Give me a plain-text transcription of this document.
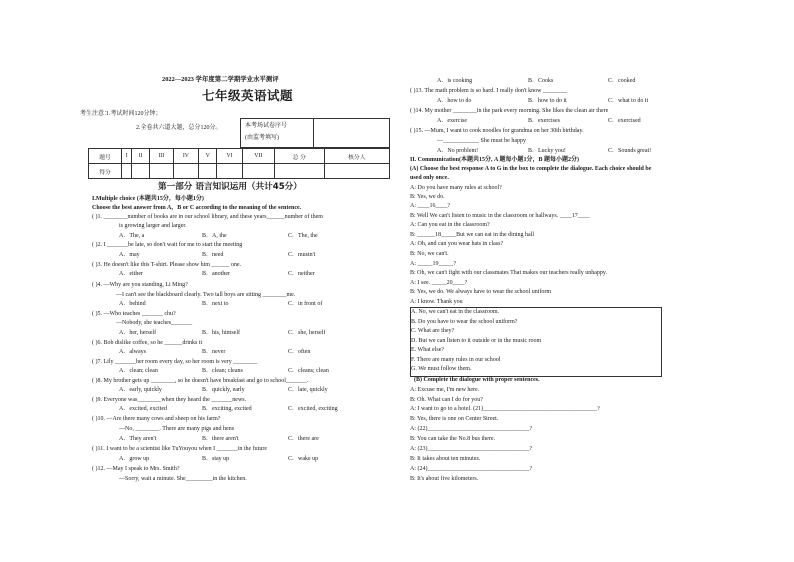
2022—2023 学年度第二学期学业水平测评
七年级英语试题
考生注意：
1.考试时间120分钟；
2.全卷共六道大题，总分120分。	本考场试卷序号
(由监考填写)
题号	I	II	III	IV	V	VI	VII	总 分	核分人
得分									
第一部分 语言知识运用（共计45分）
I.Multiple choice (本题共15分，每小题1分)
Choose the best answer from A，B or C according to the meaning of the sentence.
( )1. ________number of books are in our school library, and these years______number of them
is growing larger and larger.
A．The, a	B．A, the	C．The, the
( )2. I _______be late, so don't wait for me to start the meeting
A．may	B．need	C．mustn't
( )3. He doesn't like this T-shirt. Please show him ______ one.
A．either	B．another	C．neither
( )4. —Why are you standing, Li Ming?
—I can't see the blackboard clearly. Two tall boys are sitting ________me.
A．behind	B．next to	C．in front of
( )5. —Who teaches _______ chu?
—Nobody, she teaches_______
A．her, herself	B．his, himself	C．she, herself
( )6. Bob dislike coffee, so he ______drinks it
A．always	B．never	C．often
( )7. Lily _______her room every day, so her room is very ________
A．clean; clean	B．clean; cleans	C．cleans; clean
( )8. My brother gets up ________, so he doesn't have breakfast and go to school_______.
A．early, quickly	B．quickly, early	C．late, quickly
( )9. Everyone was________when they heard the _______news.
A．excited, excited	B．exciting, excited	C．excited, exciting
( )10. —Are there many cows and sheep on his farm?
—No, ________. There are many pigs and hens
A．They aren't	B．there aren't	C．there are
( )11. I want to be a scientist like TuYouyou when I _______in the future
A．grow up	B．stay up	C．wake up
( )12. —May I speak to Mrs. Smith?
—Sorry, wait a minute. She_________in the kitchen.
A．is cooking	B．Cooks	C．cooked
( )13. The math problem is so hard. I really don't know ________
A．how to do	B．how to do it	C．what to do it
( )14. My mother ________in the park every morning. She likes the clean air there
A．exercise	B．exercises	C．exercised
( )15. —Mum, I want to cook noodles for grandma on her 30th birthday.
—____________ She must be happy
A．No problem!	B．Lucky you!	C．Sounds great!
II. Communication(本题共15分, A 题每小题1分，B 题每小题2分)
(A) Choose the best response A to G in the box to complete the dialogue. Each choice should be
used only once.
A: Do you have many rules at school?
B: Yes, we do.
A: ____16____?
B: Well We can't listen to music in the classroom or hallways. ____17____
A: Can you eat in the classroom?
B: ______18_____But we can eat in the dining hall
A: Oh, and can you wear hats in class?
B: No, we can't.
A: _____19_____?
B: Oh, we can't fight with our classmates That makes our teachers really unhappy.
A: I see. _____20____?
B: Yes, we do. We always have to wear the school uniform
A: I know. Thank you
A. No, we can't eat in the classroom.
B. Do you have to wear the school uniform?
C. What are they?
D. But we can listen to it outside or in the music room
E. What else?
F. There are many rules in our school
G. We must follow them.
(B) Complete the dialogue with proper sentences.
A: Excuse me, I'm new here.
B: Oh. What can I do for you?
A: I want to go to a hotel. (21)______________________________________?
B: Yes, there is one on Center Street.
A: (22)__________________________________?
B: You can take the No.8 bus there.
A: (23)__________________________________?
B: It takes about ten minutes.
A: (24)__________________________________?
B: It's about five kilometers.
